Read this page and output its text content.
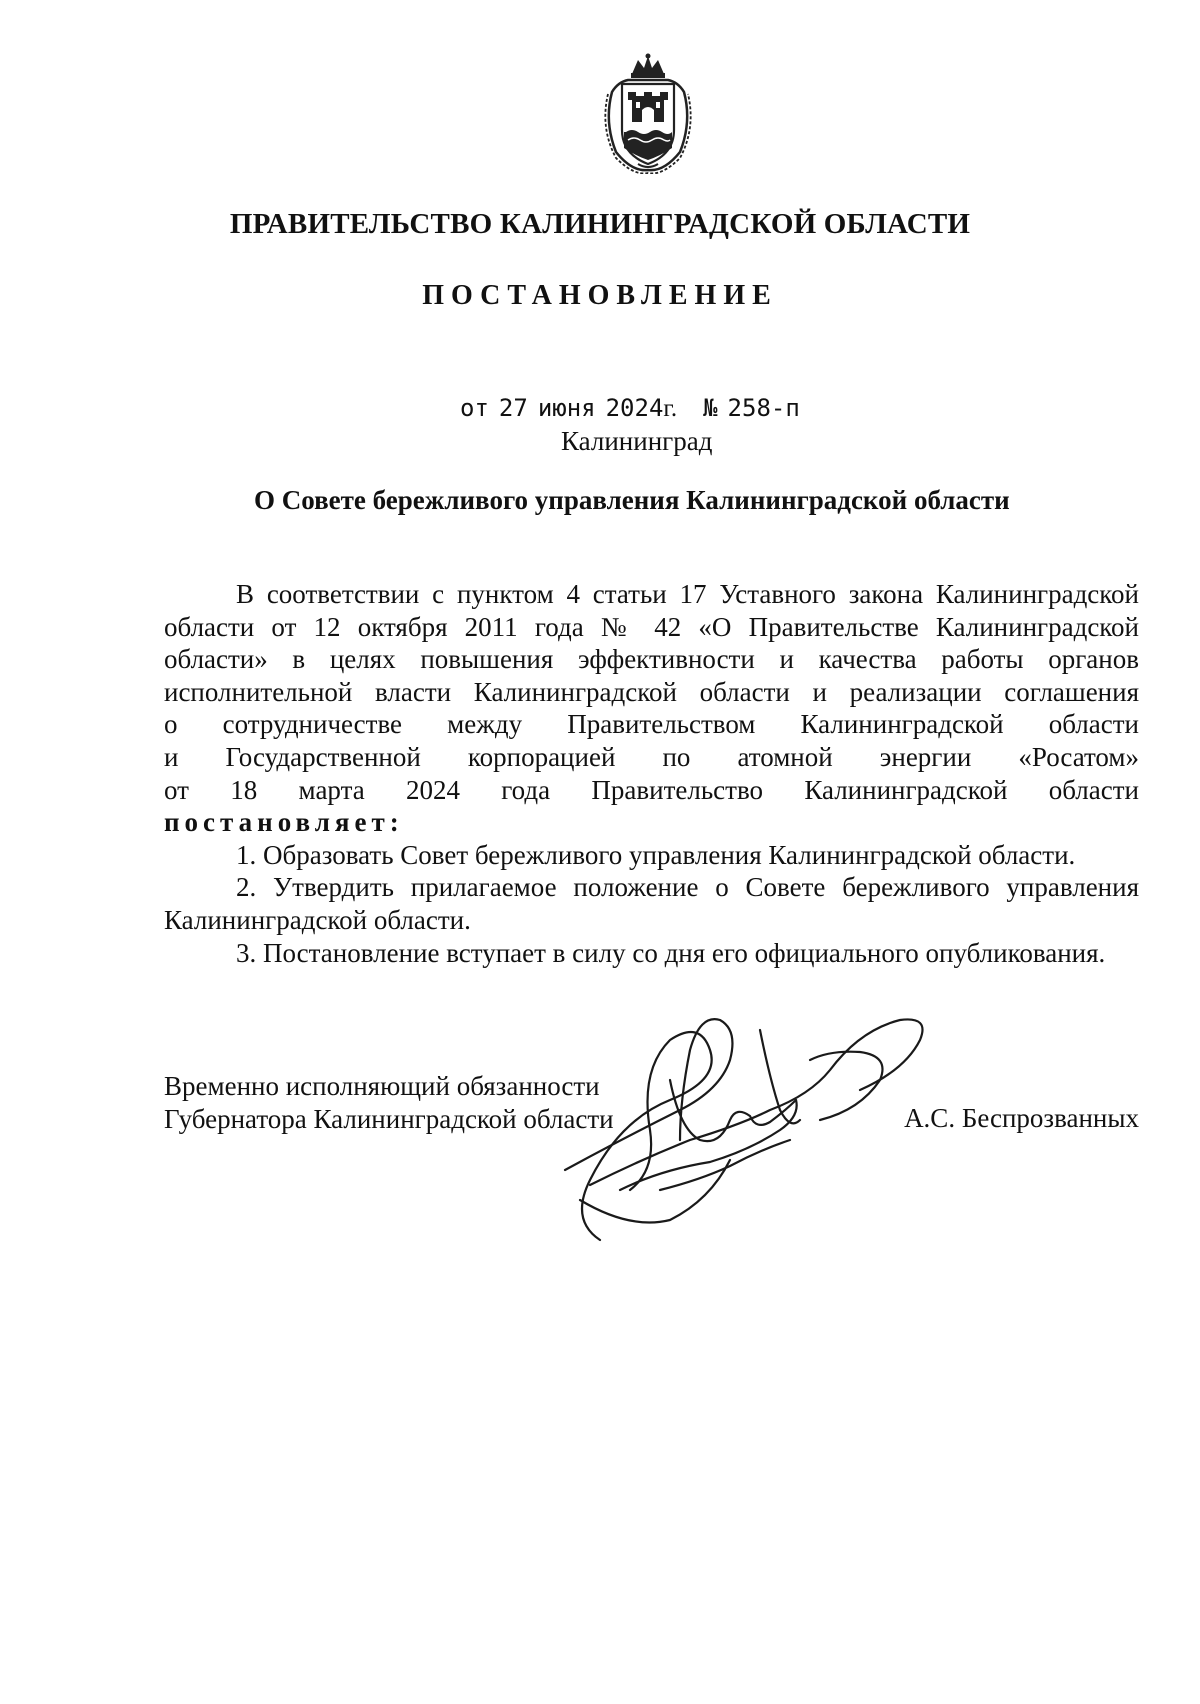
ПРАВИТЕЛЬСТВО КАЛИНИНГРАДСКОЙ ОБЛАСТИ
ПОСТАНОВЛЕНИЕ
от 27 июня 2024г. № 258-п
Калининград
О Совете бережливого управления Калининградской области

В соответствии с пунктом 4 статьи 17 Уставного закона Калининградской

области от 12 октября 2011 года № 42 «О Правительстве Калининградской

области» в целях повышения эффективности и качества работы органов

исполнительной власти Калининградской области и реализации соглашения

о сотрудничестве между Правительством Калининградской области

и Государственной корпорацией по атомной энергии «Росатом»

от 18 марта 2024 года Правительство Калининградской области

постановляет:

1. Образовать Совет бережливого управления Калининградской области.

2. Утвердить прилагаемое положение о Совете бережливого управления Калининградской области.

3. Постановление вступает в силу со дня его официального опубликования.

Временно исполняющий обязанности
Губернатора Калининградской области	А.С. Беспрозванных
